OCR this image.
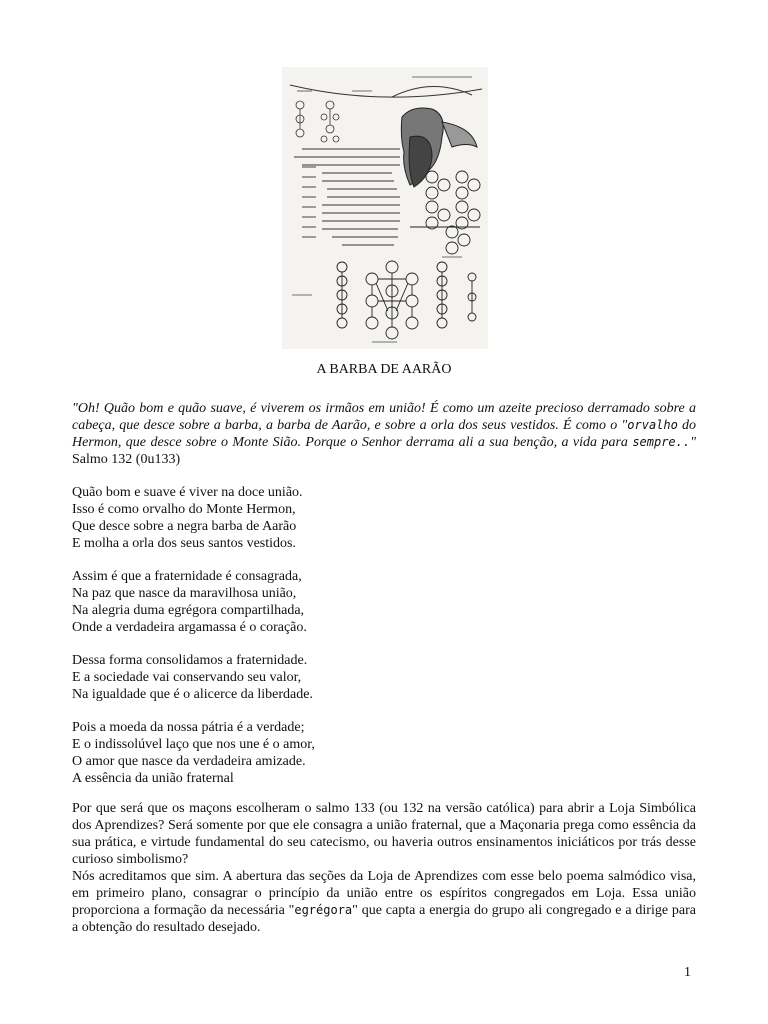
A BARBA DE AARÃO
"Oh! Quão bom e quão suave, é viverem os irmãos em união! É como um azeite precioso derramado sobre a cabeça, que desce sobre a barba, a barba de Aarão, e sobre a orla dos seus vestidos. É como o "orvalho do Hermon, que desce sobre o Monte Sião. Porque o Senhor derrama ali a sua benção, a vida para sempre.." Salmo 132 (0u133)
Quão bom e suave é viver na doce união.
Isso é como orvalho do Monte Hermon,
Que desce sobre a negra barba de Aarão
E molha a orla dos seus santos vestidos.
Assim é que a fraternidade é consagrada,
Na paz que nasce da maravilhosa união,
Na alegria duma egrégora compartilhada,
Onde a verdadeira argamassa é o coração.
Dessa forma consolidamos a fraternidade.
E a sociedade vai conservando seu valor,
Na igualdade que é o alicerce da liberdade.
Pois a moeda da nossa pátria é a verdade;
E o indissolúvel laço que nos une é o amor,
O amor que nasce da verdadeira amizade.
A essência da união fraternal

Por que será que os maçons escolheram o salmo 133 (ou 132 na versão católica) para abrir a Loja Simbólica dos Aprendizes? Será somente por que ele consagra a união fraternal, que a Maçonaria prega como essência da sua prática, e virtude fundamental do seu catecismo, ou haveria outros ensinamentos iniciáticos por trás desse curioso simbolismo?

Nós acreditamos que sim. A abertura das seções da Loja de Aprendizes com esse belo poema salmódico visa, em primeiro plano, consagrar o princípio da união entre os espíritos congregados em Loja. Essa união proporciona a formação da necessária "egrégora" que capta a energia do grupo ali congregado e a dirige para a obtenção do resultado desejado.

1
